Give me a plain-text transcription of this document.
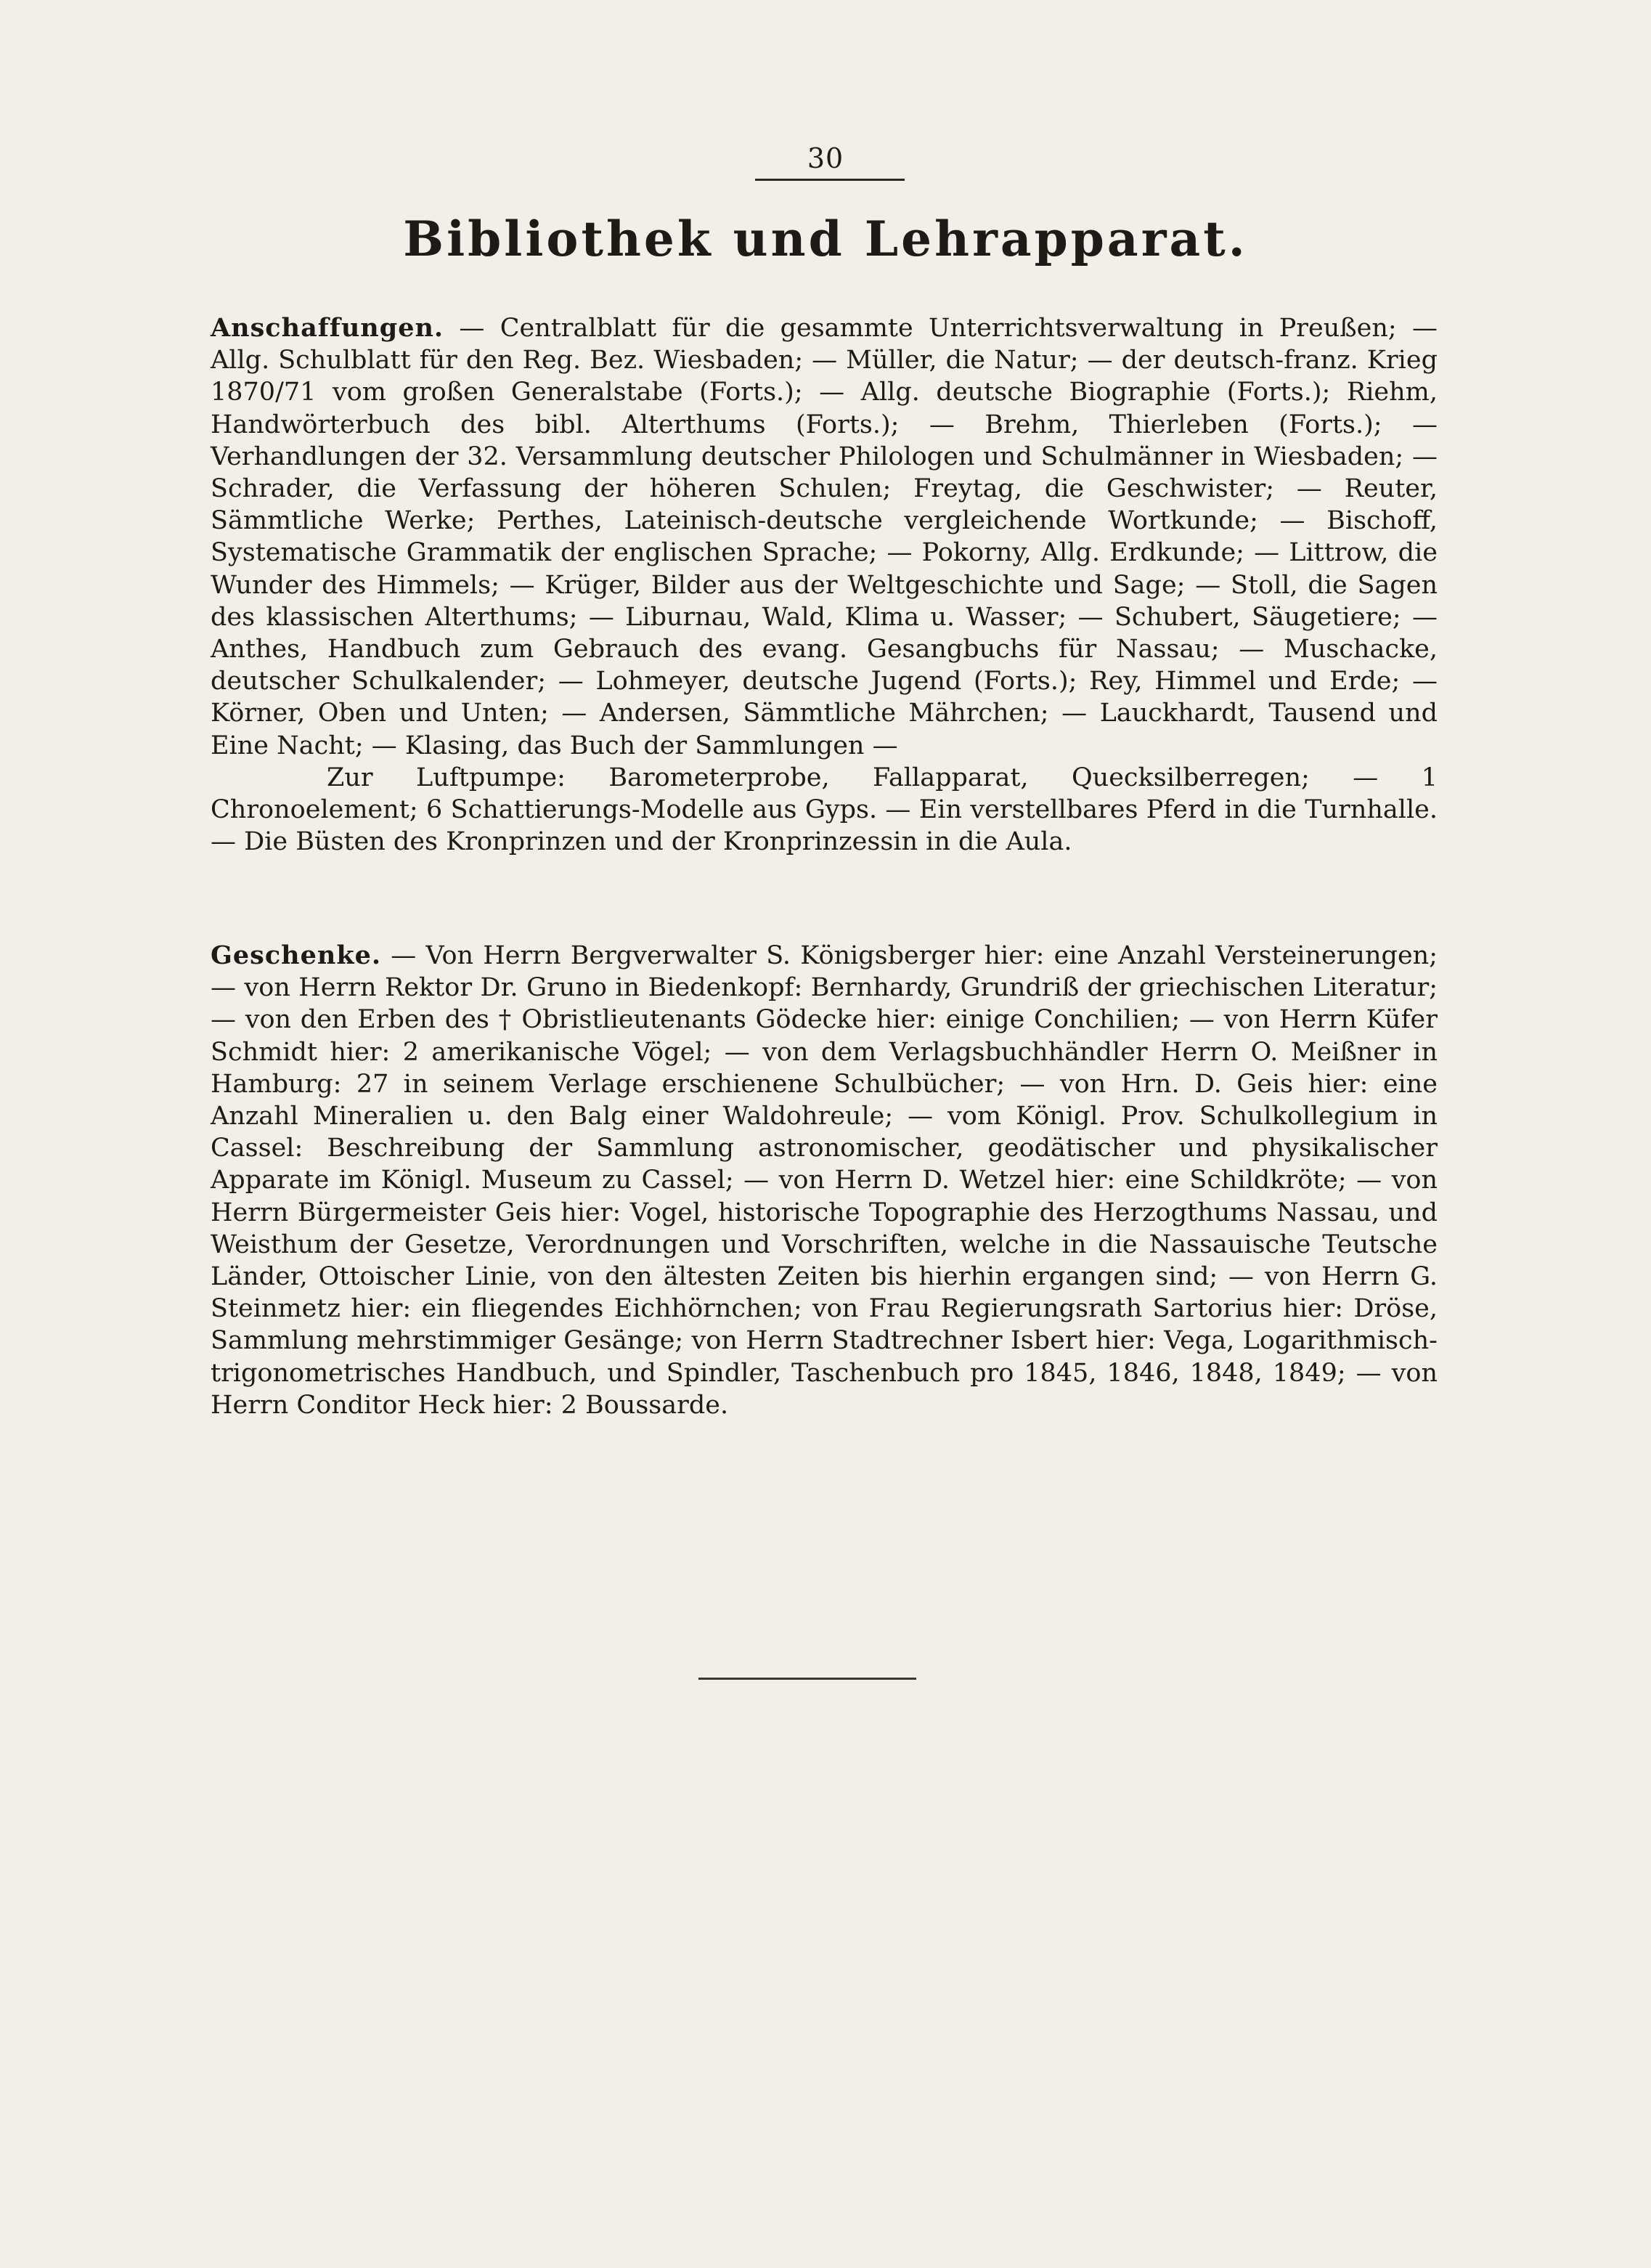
30
Bibliothek und Lehrapparat.

Anschaffungen. — Centralblatt für die gesammte Unterrichtsverwaltung in Preußen; — Allg. Schulblatt für den Reg. Bez. Wiesbaden; — Müller, die Natur; — der deutsch-franz. Krieg 1870/71 vom großen Generalstabe (Forts.); — Allg. deutsche Biographie (Forts.); Riehm, Handwörterbuch des bibl. Alterthums (Forts.); — Brehm, Thierleben (Forts.); — Verhandlungen der 32. Versammlung deutscher Philologen und Schulmänner in Wiesbaden; — Schrader, die Verfassung der höheren Schulen; Freytag, die Geschwister; — Reuter, Sämmtliche Werke; Perthes, Lateinisch-deutsche vergleichende Wortkunde; — Bischoff, Systematische Grammatik der englischen Sprache; — Pokorny, Allg. Erdkunde; — Littrow, die Wunder des Himmels; — Krüger, Bilder aus der Weltgeschichte und Sage; — Stoll, die Sagen des klassischen Alterthums; — Liburnau, Wald, Klima u. Wasser; — Schubert, Säugetiere; — Anthes, Handbuch zum Gebrauch des evang. Gesangbuchs für Nassau; — Muschacke, deutscher Schulkalender; — Lohmeyer, deutsche Jugend (Forts.); Rey, Himmel und Erde; — Körner, Oben und Unten; — Andersen, Sämmtliche Mährchen; — Lauckhardt, Tausend und Eine Nacht; — Klasing, das Buch der Sammlungen —

Zur Luftpumpe: Barometerprobe, Fallapparat, Quecksilberregen; — 1 Chronoelement; 6 Schattierungs-Modelle aus Gyps. — Ein verstellbares Pferd in die Turnhalle. — Die Büsten des Kronprinzen und der Kronprinzessin in die Aula.

Geschenke. — Von Herrn Bergverwalter S. Königsberger hier: eine Anzahl Versteinerungen; — von Herrn Rektor Dr. Gruno in Biedenkopf: Bernhardy, Grundriß der griechischen Literatur; — von den Erben des † Obristlieutenants Gödecke hier: einige Conchilien; — von Herrn Küfer Schmidt hier: 2 amerikanische Vögel; — von dem Verlagsbuchhändler Herrn O. Meißner in Hamburg: 27 in seinem Verlage erschienene Schulbücher; — von Hrn. D. Geis hier: eine Anzahl Mineralien u. den Balg einer Waldohreule; — vom Königl. Prov. Schulkollegium in Cassel: Beschreibung der Sammlung astronomischer, geodätischer und physikalischer Apparate im Königl. Museum zu Cassel; — von Herrn D. Wetzel hier: eine Schildkröte; — von Herrn Bürgermeister Geis hier: Vogel, historische Topographie des Herzogthums Nassau, und Weisthum der Gesetze, Verordnungen und Vorschriften, welche in die Nassauische Teutsche Länder, Ottoischer Linie, von den ältesten Zeiten bis hierhin ergangen sind; — von Herrn G. Steinmetz hier: ein fliegendes Eichhörnchen; von Frau Regierungsrath Sartorius hier: Dröse, Sammlung mehrstimmiger Gesänge; von Herrn Stadtrechner Isbert hier: Vega, Logarithmisch-trigonometrisches Handbuch, und Spindler, Taschenbuch pro 1845, 1846, 1848, 1849; — von Herrn Conditor Heck hier: 2 Boussarde.
